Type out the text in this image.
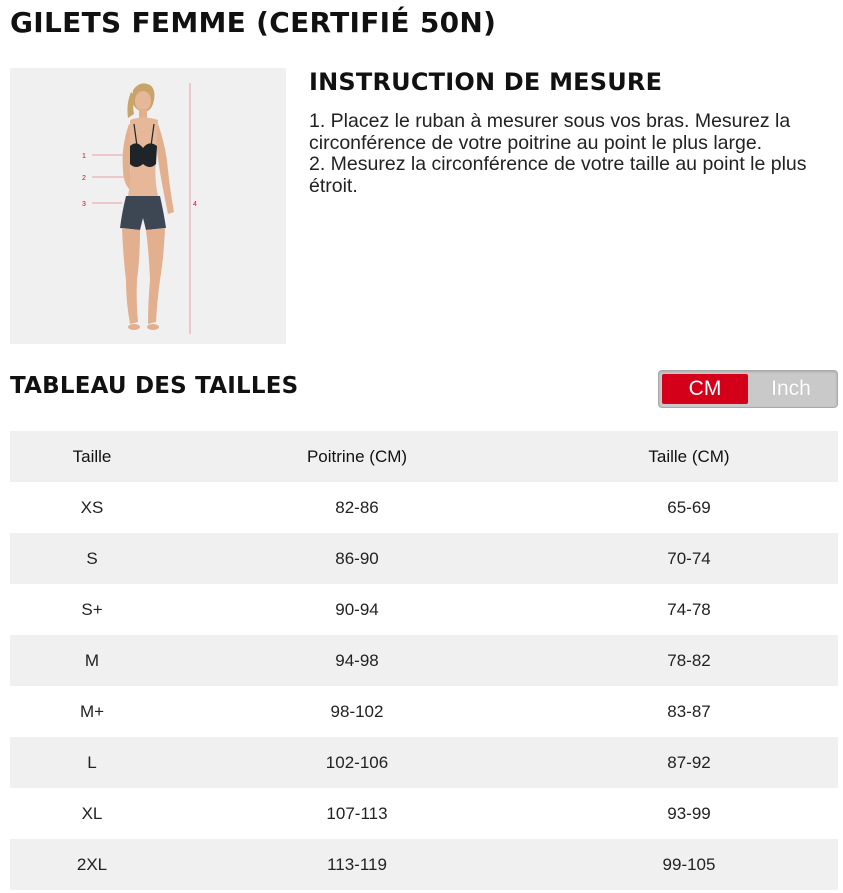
GILETS FEMME (CERTIFIÉ 50N)
1
2
3	4
INSTRUCTION DE MESURE

1. Placez le ruban à mesurer sous vos bras. Mesurez la circonférence de votre poitrine au point le plus large.

2. Mesurez la circonférence de votre taille au point le plus étroit.

TABLEAU DES TAILLES	CM	Inch
Taille	Poitrine (CM)	Taille (CM)
XS	82-86	65-69
S	86-90	70-74
S+	90-94	74-78
M	94-98	78-82
M+	98-102	83-87
L	102-106	87-92
XL	107-113	93-99
2XL	113-119	99-105
